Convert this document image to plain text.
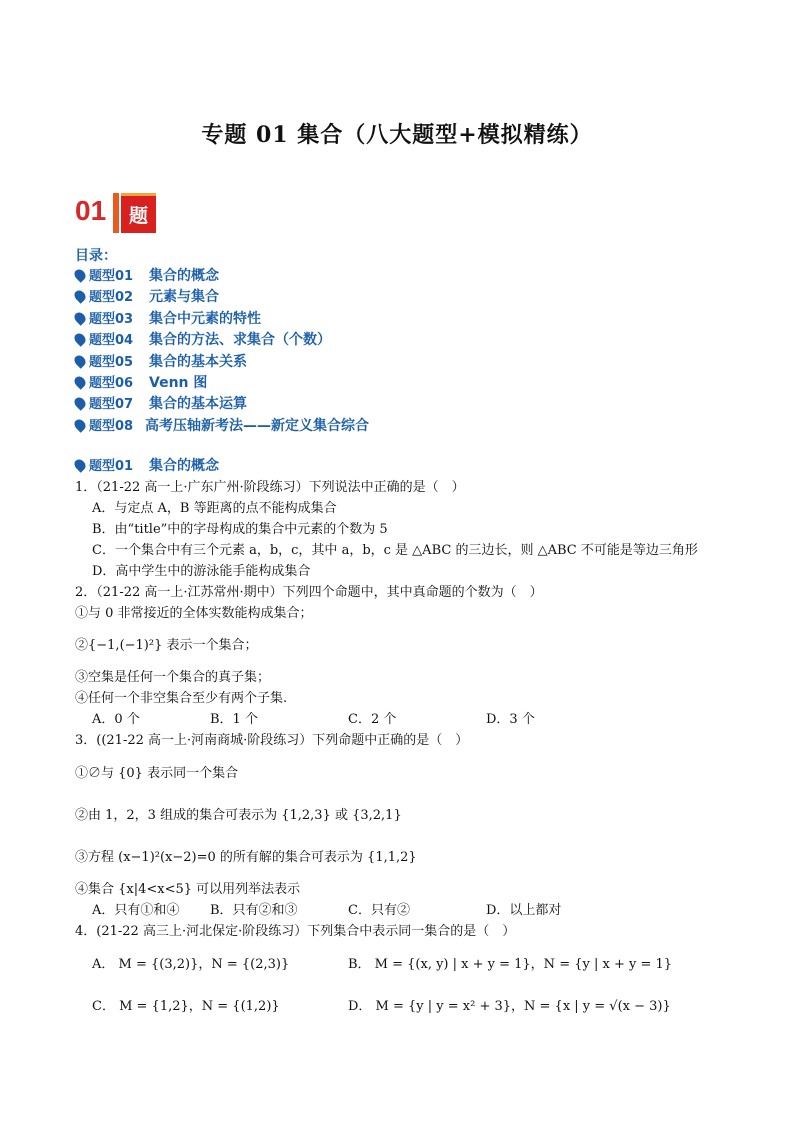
专题 01 集合（八大题型+模拟精练）
01	题型归纳
目录：
题型01 集合的概念
题型02 元素与集合
题型03 集合中元素的特性
题型04 集合的方法、求集合（个数）
题型05 集合的基本关系
题型06 Venn 图
题型07 集合的基本运算
题型08 高考压轴新考法——新定义集合综合
题型01 集合的概念
1．（21-22 高一上·广东广州·阶段练习）下列说法中正确的是（　）
A．与定点 A，B 等距离的点不能构成集合
B．由“title”中的字母构成的集合中元素的个数为 5
C．一个集合中有三个元素 a，b，c，其中 a，b，c 是 △ABC 的三边长，则 △ABC 不可能是等边三角形
D．高中学生中的游泳能手能构成集合
2．（21-22 高一上·江苏常州·期中）下列四个命题中，其中真命题的个数为（　）
①与 0 非常接近的全体实数能构成集合；
②{−1,(−1)²} 表示一个集合；
③空集是任何一个集合的真子集；
④任何一个非空集合至少有两个子集.
A．0 个	B．1 个	C．2 个	D．3 个
3．((21-22 高一上·河南商城·阶段练习）下列命题中正确的是（　）
①∅与 {0} 表示同一个集合
②由 1，2，3 组成的集合可表示为 {1,2,3} 或 {3,2,1}
③方程 (x−1)²(x−2)=0 的所有解的集合可表示为 {1,1,2}
④集合 {x|4<x<5} 可以用列举法表示
A．只有①和④ B．只有②和③	C．只有②	D．以上都对
4．(21-22 高三上·河北保定·阶段练习）下列集合中表示同一集合的是（　）
A． M = {(3,2)}，N = {(2,3)}	B． M = {(x, y) | x + y = 1}，N = {y | x + y = 1}
C． M = {1,2}，N = {(1,2)}	D． M = {y | y = x² + 3}，N = {x | y = √(x − 3)}
